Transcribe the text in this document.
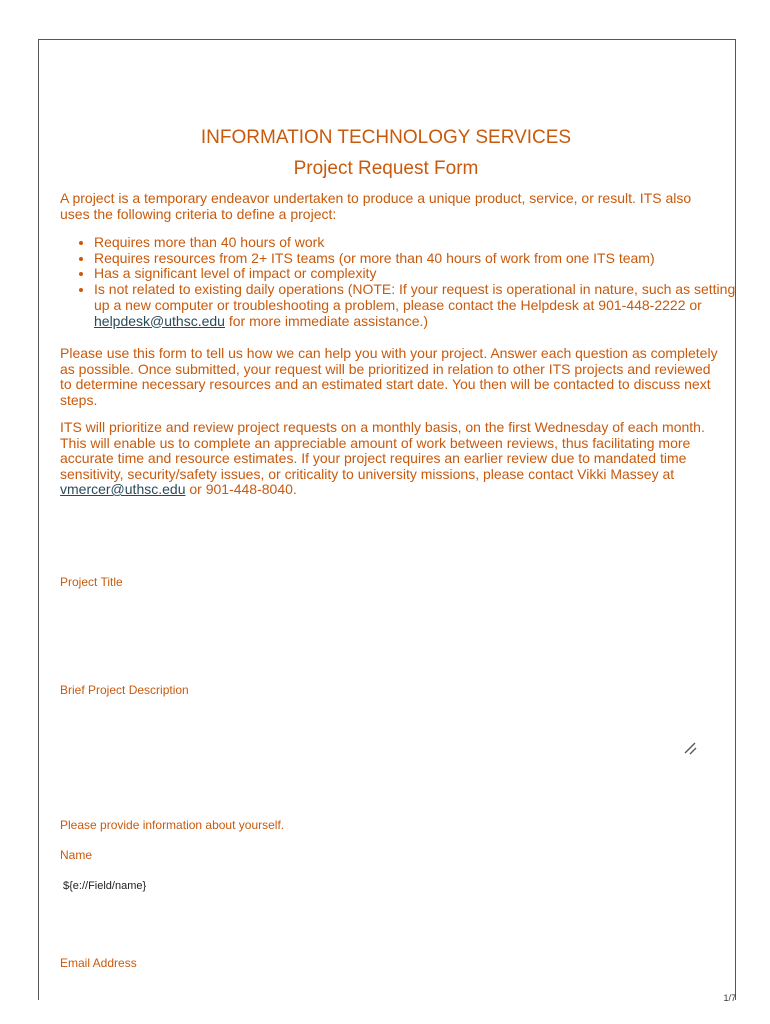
INFORMATION TECHNOLOGY SERVICES
Project Request Form

A project is a temporary endeavor undertaken to produce a unique product, service, or result. ITS also uses the following criteria to define a project:

• Requires more than 40 hours of work
• Requires resources from 2+ ITS teams (or more than 40 hours of work from one ITS team)
• Has a significant level of impact or complexity
• Is not related to existing daily operations (NOTE: If your request is operational in nature, such as setting up a new computer or troubleshooting a problem, please contact the Helpdesk at 901-448-2222 or helpdesk@uthsc.edu for more immediate assistance.)

Please use this form to tell us how we can help you with your project. Answer each question as completely as possible. Once submitted, your request will be prioritized in relation to other ITS projects and reviewed to determine necessary resources and an estimated start date. You then will be contacted to discuss next steps.

ITS will prioritize and review project requests on a monthly basis, on the first Wednesday of each month. This will enable us to complete an appreciable amount of work between reviews, thus facilitating more accurate time and resource estimates. If your project requires an earlier review due to mandated time sensitivity, security/safety issues, or criticality to university missions, please contact Vikki Massey at vmercer@uthsc.edu or 901-448-8040.

Project Title
Brief Project Description
Please provide information about yourself.
Name
${e://Field/name}
Email Address
1/7
